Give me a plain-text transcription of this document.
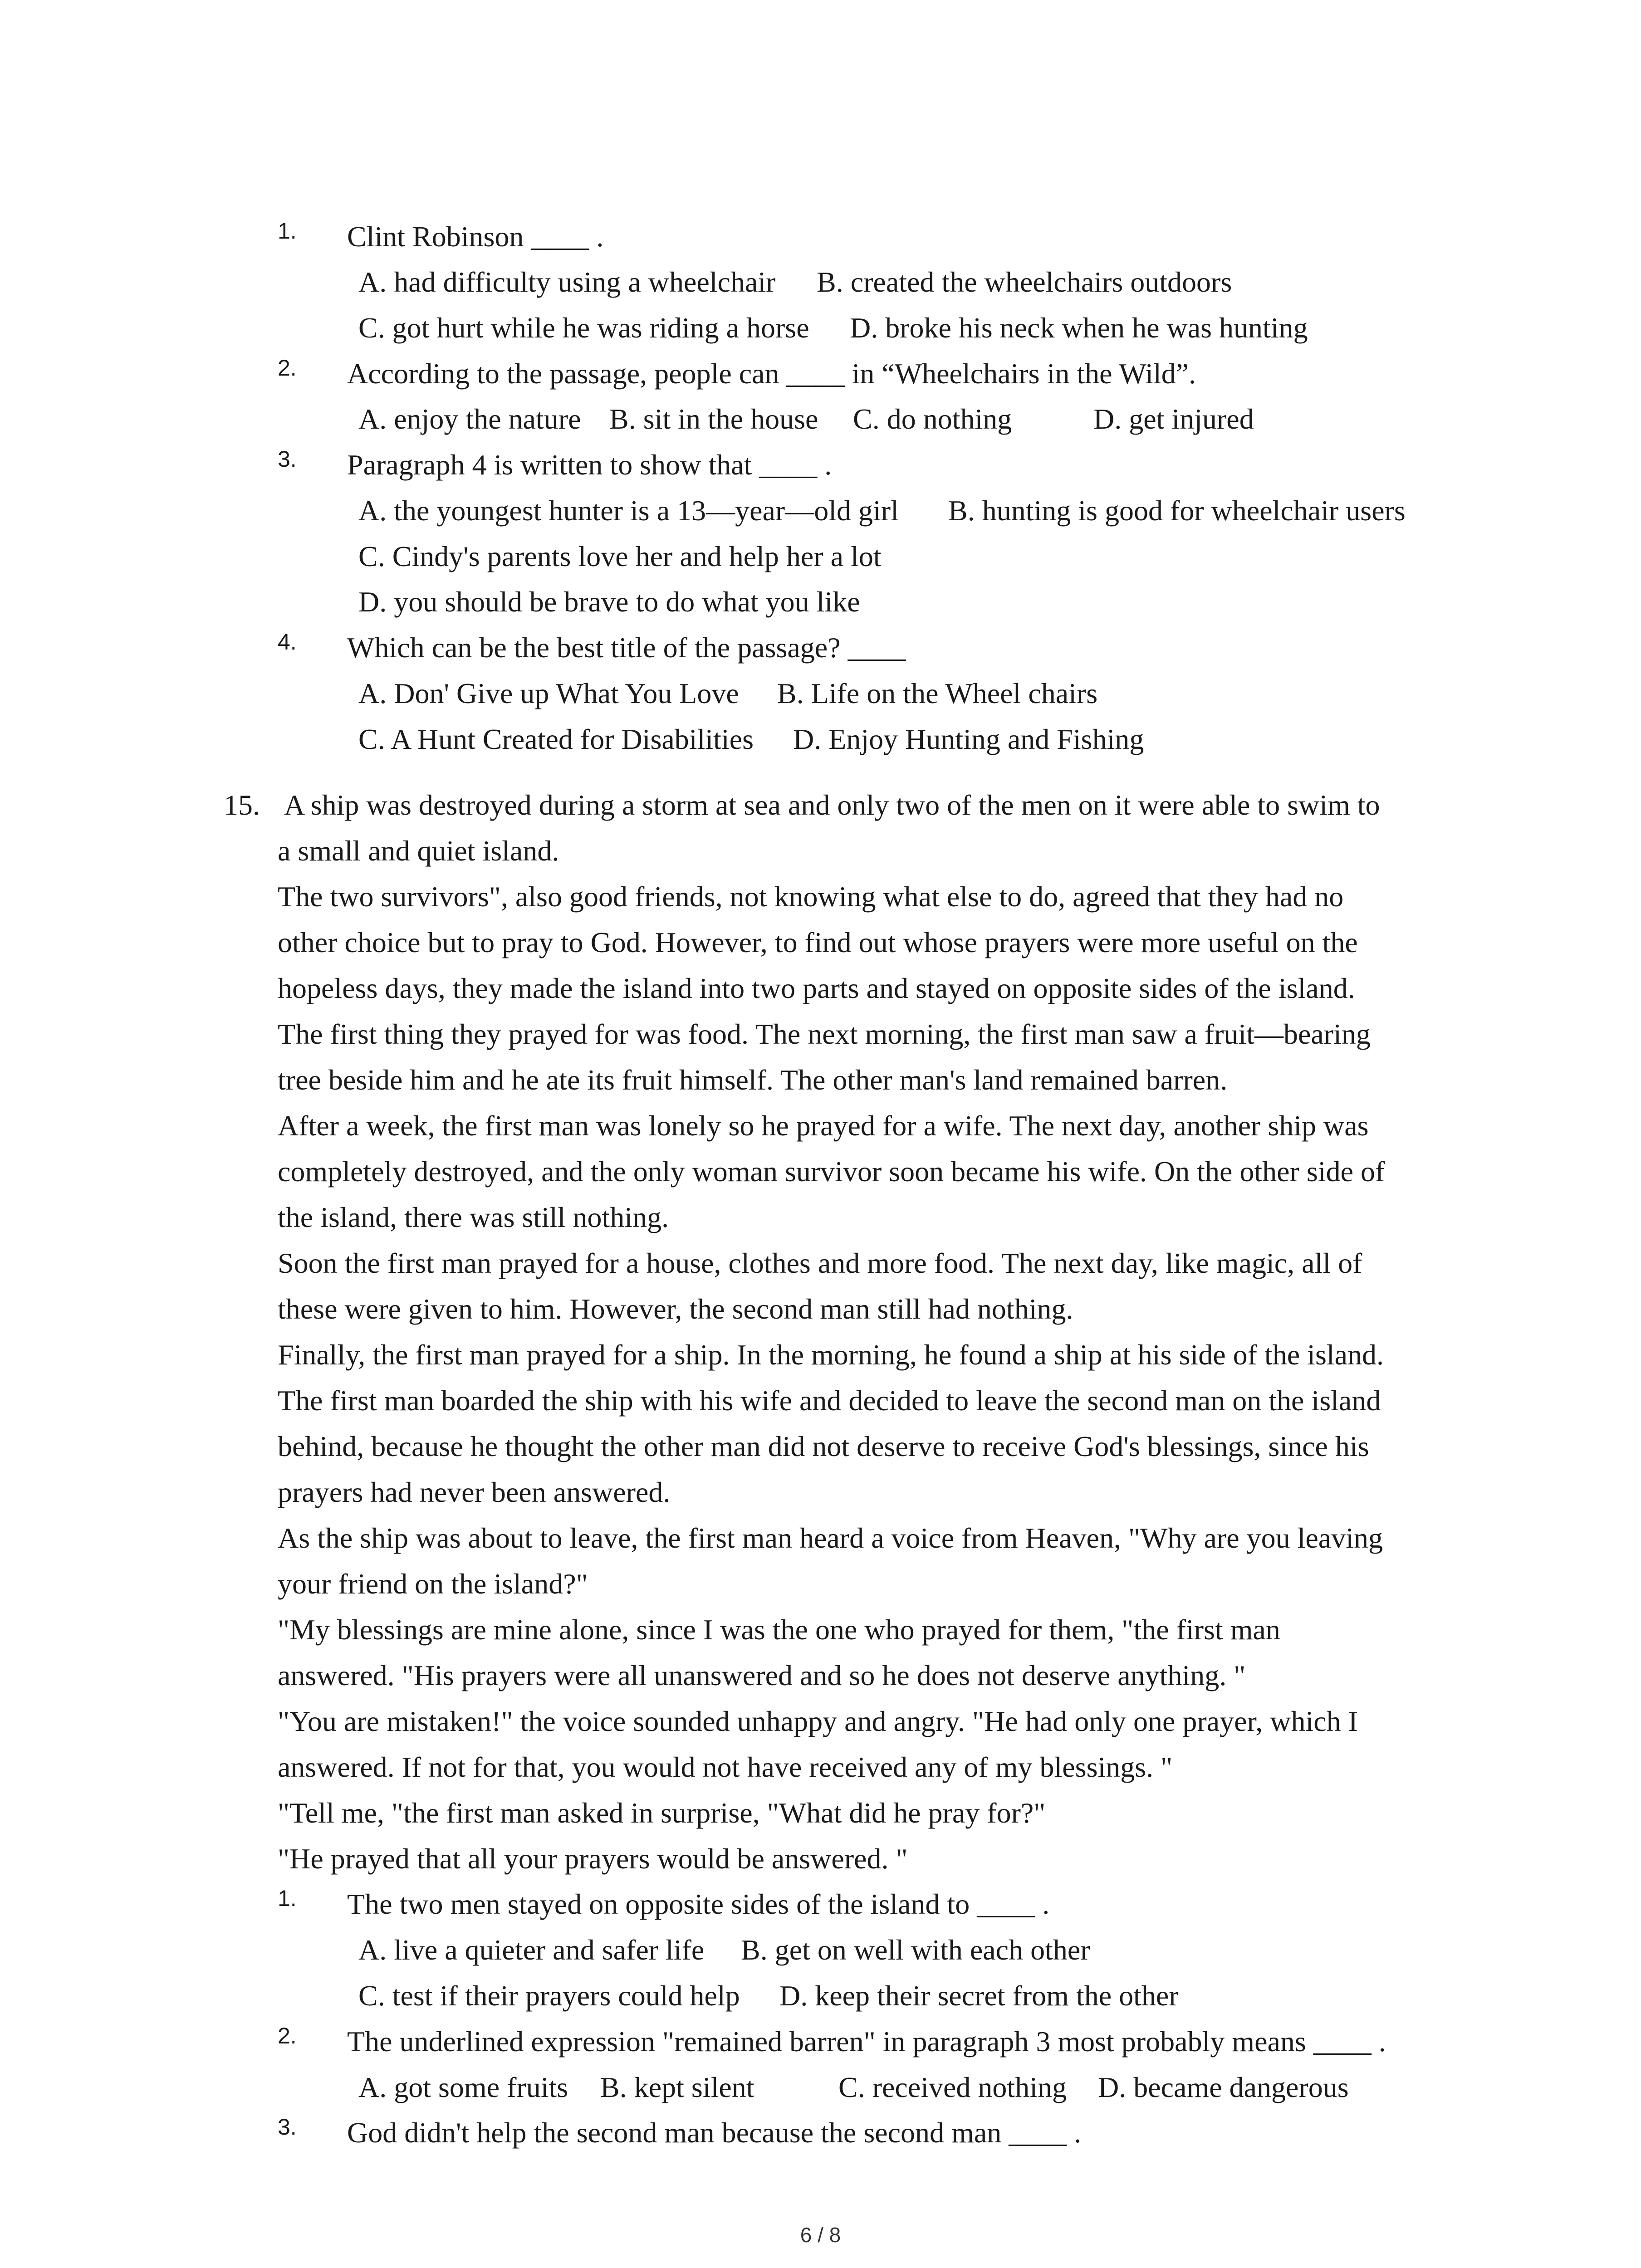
1. Clint Robinson ____ .
A. had difficulty using a wheelchair B. created the wheelchairs outdoors
C. got hurt while he was riding a horse D. broke his neck when he was hunting
2. According to the passage, people can ____ in “Wheelchairs in the Wild”.
A. enjoy the nature B. sit in the house C. do nothing	D. get injured
3. Paragraph 4 is written to show that ____ .
A. the youngest hunter is a 13—year—old girl B. hunting is good for wheelchair users
C. Cindy's parents love her and help her a lot
D. you should be brave to do what you like
4. Which can be the best title of the passage? ____
A. Don' Give up What You Love B. Life on the Wheel chairs
C. A Hunt Created for Disabilities D. Enjoy Hunting and Fishing
15. A ship was destroyed during a storm at sea and only two of the men on it were able to swim to
a small and quiet island.
The two survivors", also good friends, not knowing what else to do, agreed that they had no
other choice but to pray to God. However, to find out whose prayers were more useful on the
hopeless days, they made the island into two parts and stayed on opposite sides of the island.
The first thing they prayed for was food. The next morning, the first man saw a fruit—bearing
tree beside him and he ate its fruit himself. The other man's land remained barren.
After a week, the first man was lonely so he prayed for a wife. The next day, another ship was
completely destroyed, and the only woman survivor soon became his wife. On the other side of
the island, there was still nothing.
Soon the first man prayed for a house, clothes and more food. The next day, like magic, all of
these were given to him. However, the second man still had nothing.
Finally, the first man prayed for a ship. In the morning, he found a ship at his side of the island.
The first man boarded the ship with his wife and decided to leave the second man on the island
behind, because he thought the other man did not deserve to receive God's blessings, since his
prayers had never been answered.
As the ship was about to leave, the first man heard a voice from Heaven, "Why are you leaving
your friend on the island?"
"My blessings are mine alone, since I was the one who prayed for them, "the first man
answered. "His prayers were all unanswered and so he does not deserve anything. "
"You are mistaken!" the voice sounded unhappy and angry. "He had only one prayer, which I
answered. If not for that, you would not have received any of my blessings. "
"Tell me, "the first man asked in surprise, "What did he pray for?"
"He prayed that all your prayers would be answered. "
1. The two men stayed on opposite sides of the island to ____ .
A. live a quieter and safer life B. get on well with each other
C. test if their prayers could help D. keep their secret from the other
2. The underlined expression "remained barren" in paragraph 3 most probably means ____ .
A. got some fruits B. kept silent	C. received nothing D. became dangerous
3. God didn't help the second man because the second man ____ .
6 / 8
